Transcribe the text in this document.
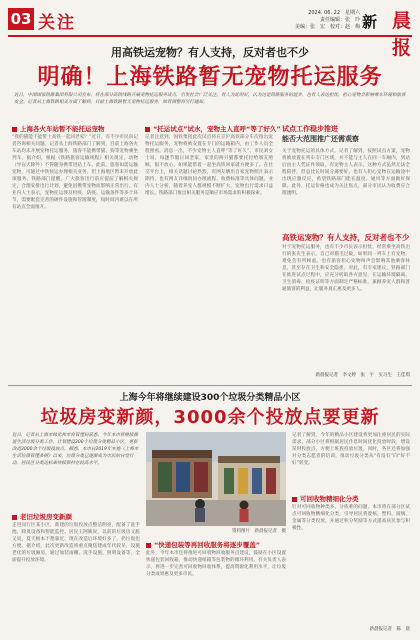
03 关注	2024. 06. 22　星期六
责任编辑：张　玲
美编：张　宏　校对：赵　梅 新 晨报
用高铁运宠物？有人支持，反对者也不少
明确！上海铁路暂无宠物托运服务
近日，中国国家铁路集团有限公司宣布，将在部分高铁线路开展宠物托运服务试点，引发社会广泛关注。有人为此叫好，认为这是铁路服务的进步，也有人表达担忧，担心宠物会影响乘车环境和旅客安全。记者从上海铁路相关方面了解到，目前上海铁路暂无宠物托运服务，如有调整将另行通知。
上海各火车站暂不能托运宠物
“我的猫能不能带上高铁一起回老家？”近日，有不少市民向记者咨询相关问题。记者从上海铁路部门了解到，目前上海各火车站均未开展宠物托运服务，旅客不能携带猫、狗等宠物乘坐列车。据介绍，根据《铁路旅客运输规程》相关规定，动物（导盲犬除外）不得随身携带进站上车。此前，旅客如需运输宠物，可通过中铁快运办理相关业务，但上海地区暂未开放此项服务。铁路部门提醒，广大旅客出行前应提前了解相关规定，合理安排出行计划，避免因携带宠物而影响正常出行。有业内人士表示，宠物托运涉及检疫、防疫、运输条件等多个环节，需要配套完善的硬件设施和管理制度，短时间内难以在所有站点全面推开。
“托运试点”试水，宠物主人直呼“等了好久”
记者注意到，国铁集团此次试点将在京沪高铁部分车次推出宠物托运服务，宠物将被安置在专门的运输箱内，由工作人员全程照看。消息一出，不少宠物主人直呼“等了好久”。市民刘女士说，每逢节假日回老家，家里的两只猫都要托付给朋友照顾，很不放心，如果能带着一起坐高铁回家就方便多了。在社交平台上，相关话题讨论热烈，有网友晒出自家宠物照片表示期待，也有网友详细询问办理流程、收费标准等具体问题。业内人士分析，随着养宠人群规模不断扩大，宠物出行需求日益增长，铁路部门推出相关服务是顺应市场需求的积极探索。
试点工作稳步推进
能否大范围推广还需观察
关于宠物托运的具体方式，记者了解到，按照试点方案，宠物将被放置在列车专门区域，并不能与主人在同一车厢内，到站后由主人凭证件领取。有宠物主人表示，这种方式虽然无法全程陪伴，但总比长时间分离要好。也有人担心宠物在运输途中出现应激反应，希望铁路部门能在温度、通风等方面做好保障。此外，托运价格也成为关注焦点，部分市民认为收费应合理透明。
高铁运宠物？有人支持，反对者也不少
对于宠物托运服务，也有不少市民表示担忧。经常乘坐高铁出行的张先生表示，自己对猫毛过敏，如果同一列车上有宠物，难免会有所顾虑。也有旅客担心宠物叫声会影响其他乘客休息，甚至存在卫生和安全隐患。对此，有专家建议，铁路部门在推进试点过程中，应充分听取各方意见，在运输环境隔离、卫生消毒、检疫证明等方面制定严格标准，兼顾养宠人群和普通旅客的利益，让服务真正惠及更多人。
新晨报记者　李文婷　张　宇　实习生　王佳琪
上海今年将继续建设300个垃圾分类精品小区
垃圾房变新颜，3000余个投放点要更新
近日，记者从上海市绿化和市容管理局获悉，今年本市将继续推进生活垃圾分类工作，计划建设300个垃圾分类精品小区，更新改造3000余个垃圾投放点。据悉，本市自2019年实施《上海市生活垃圾管理条例》以来，垃圾分类已逐渐成为市民的自觉行动，居民区分类达标率持续保持在较高水平。
老旧垃圾房变新颜
走进闵行区某小区，新建的垃圾投放点整洁明亮，配备了洗手池、除臭设备和智能监控。居民王阿姨说，以前的垃圾房又脏又臭，夏天根本不想靠近，现在改造后环境好多了，扔垃圾也方便。据介绍，此次更新改造将重点聚焦建成年代较早、设施老化的垃圾厢房，通过加装雨棚、洗手设施、照明设备等，全面提升投放环境。
资料图片　新晨报记者　摄
“快递包装等再回收服务将逐步覆盖”
此外，今年本市还将推进可回收物回收服务点建设，鼓励在小区设置快递包装回收箱，推动快递纸箱等包装物的循环利用。有关负责人表示，将进一步完善可回收物回收体系，提高资源化利用水平，让垃圾分类成果惠及更多市民。
记者了解到，今年的精品小区建设将更加注重居民的实际需求。部分小区将根据居民作息时间优化投放时段，增设误时投放点，方便上班族投放垃圾。同时，各区还将加强对分类志愿者的培训，推动垃圾分类从“有没有”向“好不好”转变。
可回收物精细化分类
针对可回收物种类多、分拣难的问题，本市将在部分区试点可回收物精细化分类，引导居民将废纸、塑料、玻璃、金属等分类投放，并通过积分奖励等方式提高居民参与积极性。
新晨报记者　陈　晨
